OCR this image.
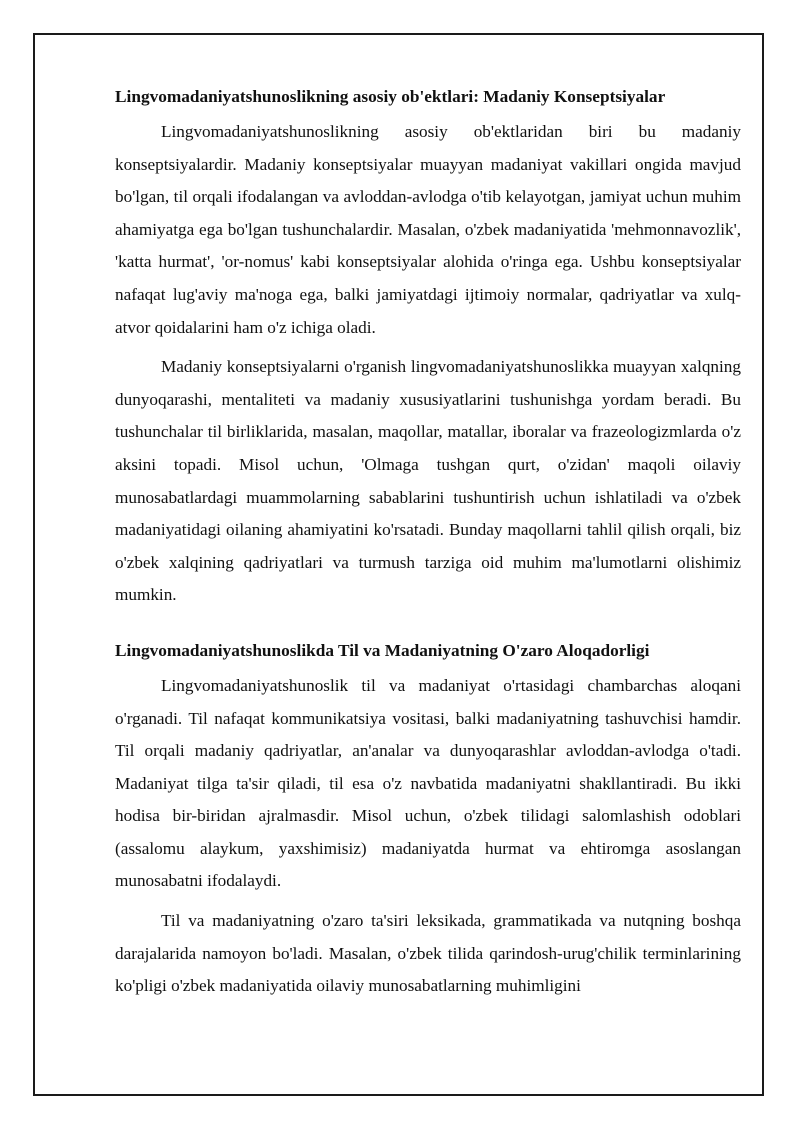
Lingvomadaniyatshunoslikning asosiy ob'ektlari: Madaniy Konseptsiyalar

Lingvomadaniyatshunoslikning asosiy ob'ektlaridan biri bu madaniy konseptsiyalardir. Madaniy konseptsiyalar muayyan madaniyat vakillari ongida mavjud bo'lgan, til orqali ifodalangan va avloddan-avlodga o'tib kelayotgan, jamiyat uchun muhim ahamiyatga ega bo'lgan tushunchalardir. Masalan, o'zbek madaniyatida 'mehmonnavozlik', 'katta hurmat', 'or-nomus' kabi konseptsiyalar alohida o'ringa ega. Ushbu konseptsiyalar nafaqat lug'aviy ma'noga ega, balki jamiyatdagi ijtimoiy normalar, qadriyatlar va xulq-atvor qoidalarini ham o'z ichiga oladi.

Madaniy konseptsiyalarni o'rganish lingvomadaniyatshunoslikka muayyan xalqning dunyoqarashi, mentaliteti va madaniy xususiyatlarini tushunishga yordam beradi. Bu tushunchalar til birliklarida, masalan, maqollar, matallar, iboralar va frazeologizmlarda o'z aksini topadi. Misol uchun, 'Olmaga tushgan qurt, o'zidan' maqoli oilaviy munosabatlardagi muammolarning sabablarini tushuntirish uchun ishlatiladi va o'zbek madaniyatidagi oilaning ahamiyatini ko'rsatadi. Bunday maqollarni tahlil qilish orqali, biz o'zbek xalqining qadriyatlari va turmush tarziga oid muhim ma'lumotlarni olishimiz mumkin.

Lingvomadaniyatshunoslikda Til va Madaniyatning O'zaro Aloqadorligi

Lingvomadaniyatshunoslik til va madaniyat o'rtasidagi chambarchas aloqani o'rganadi. Til nafaqat kommunikatsiya vositasi, balki madaniyatning tashuvchisi hamdir. Til orqali madaniy qadriyatlar, an'analar va dunyoqarashlar avloddan-avlodga o'tadi. Madaniyat tilga ta'sir qiladi, til esa o'z navbatida madaniyatni shakllantiradi. Bu ikki hodisa bir-biridan ajralmasdir. Misol uchun, o'zbek tilidagi salomlashish odoblari (assalomu alaykum, yaxshimisiz) madaniyatda hurmat va ehtiromga asoslangan munosabatni ifodalaydi.

Til va madaniyatning o'zaro ta'siri leksikada, grammatikada va nutqning boshqa darajalarida namoyon bo'ladi. Masalan, o'zbek tilida qarindosh-urug'chilik terminlarining ko'pligi o'zbek madaniyatida oilaviy munosabatlarning muhimligini
